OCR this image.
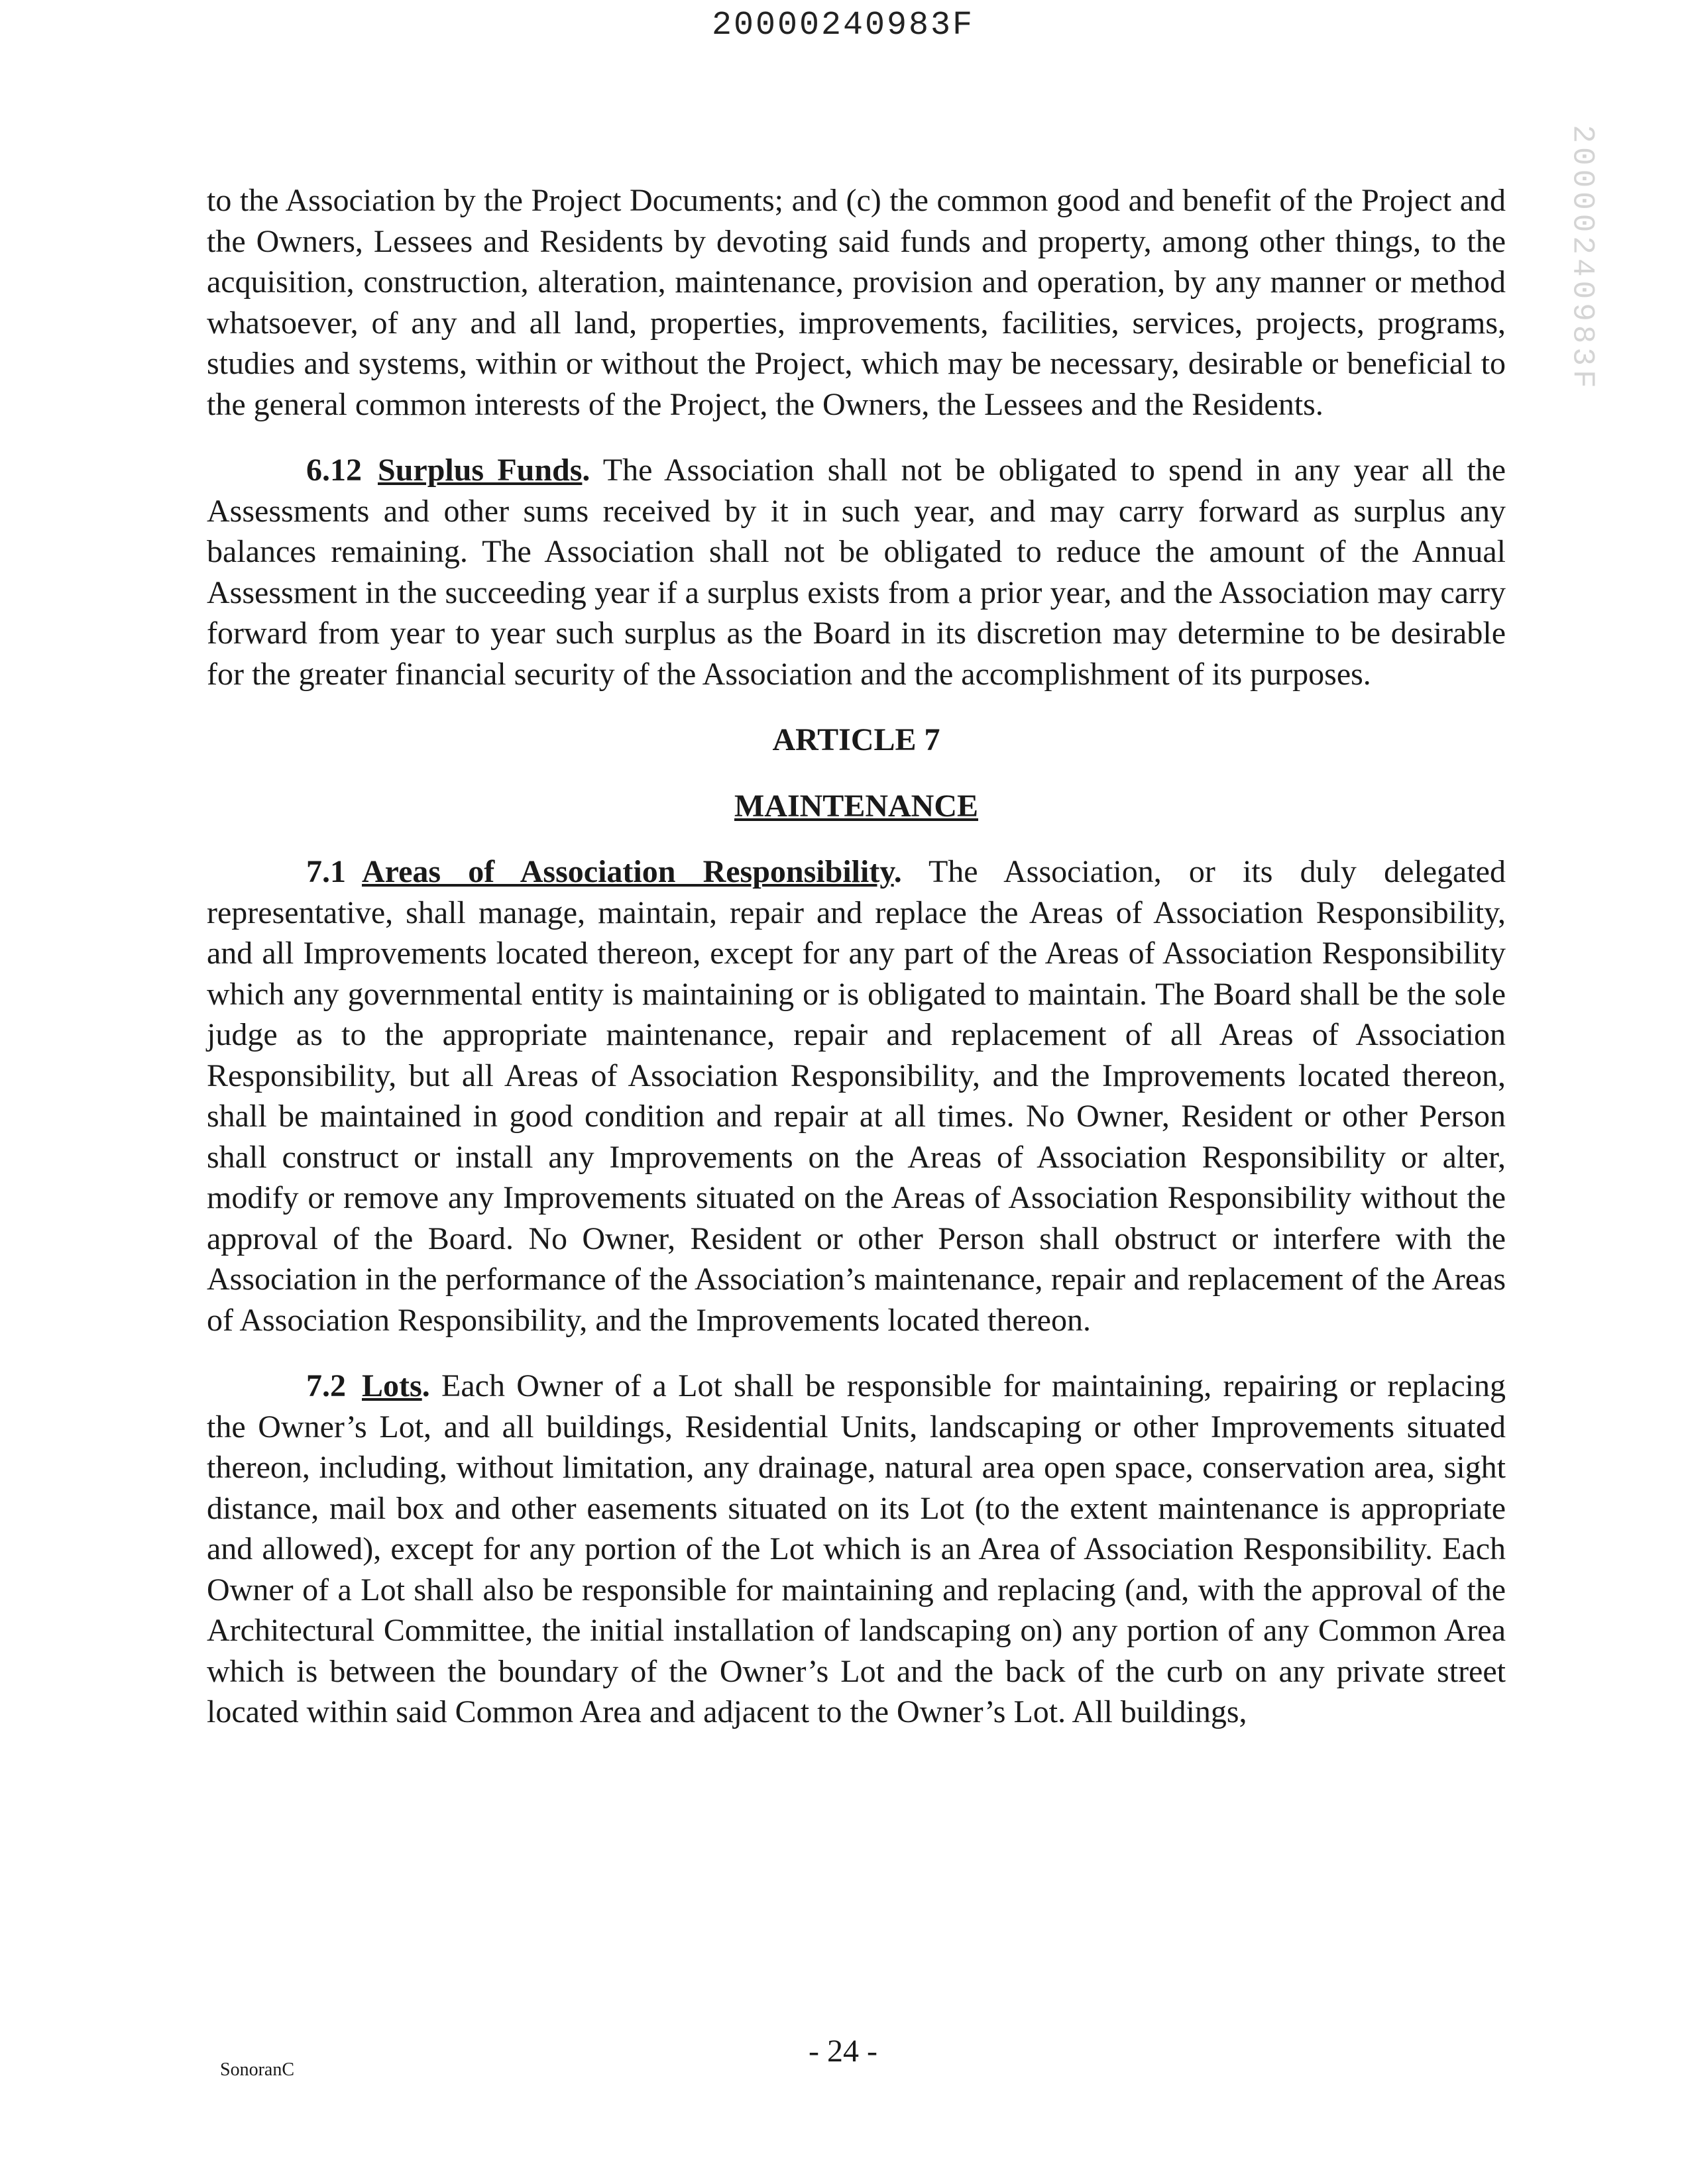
20000240983F
20000240983F

to the Association by the Project Documents; and (c) the common good and benefit of the Project and the Owners, Lessees and Residents by devoting said funds and property, among other things, to the acquisition, construction, alteration, maintenance, provision and operation, by any manner or method whatsoever, of any and all land, properties, improvements, facilities, services, projects, programs, studies and systems, within or without the Project, which may be necessary, desirable or beneficial to the general common interests of the Project, the Owners, the Lessees and the Residents.

6.12 Surplus Funds. The Association shall not be obligated to spend in any year all the Assessments and other sums received by it in such year, and may carry forward as surplus any balances remaining. The Association shall not be obligated to reduce the amount of the Annual Assessment in the succeeding year if a surplus exists from a prior year, and the Association may carry forward from year to year such surplus as the Board in its discretion may determine to be desirable for the greater financial security of the Association and the accomplishment of its purposes.

ARTICLE 7

MAINTENANCE

7.1 Areas of Association Responsibility. The Association, or its duly delegated representative, shall manage, maintain, repair and replace the Areas of Association Responsibility, and all Improvements located thereon, except for any part of the Areas of Association Responsibility which any governmental entity is maintaining or is obligated to maintain. The Board shall be the sole judge as to the appropriate maintenance, repair and replacement of all Areas of Association Responsibility, but all Areas of Association Responsibility, and the Improvements located thereon, shall be maintained in good condition and repair at all times. No Owner, Resident or other Person shall construct or install any Improvements on the Areas of Association Responsibility or alter, modify or remove any Improvements situated on the Areas of Association Responsibility without the approval of the Board. No Owner, Resident or other Person shall obstruct or interfere with the Association in the performance of the Association’s maintenance, repair and replacement of the Areas of Association Responsibility, and the Improvements located thereon.

7.2 Lots. Each Owner of a Lot shall be responsible for maintaining, repairing or replacing the Owner’s Lot, and all buildings, Residential Units, landscaping or other Improvements situated thereon, including, without limitation, any drainage, natural area open space, conservation area, sight distance, mail box and other easements situated on its Lot (to the extent maintenance is appropriate and allowed), except for any portion of the Lot which is an Area of Association Responsibility. Each Owner of a Lot shall also be responsible for maintaining and replacing (and, with the approval of the Architectural Committee, the initial installation of landscaping on) any portion of any Common Area which is between the boundary of the Owner’s Lot and the back of the curb on any private street located within said Common Area and adjacent to the Owner’s Lot. All buildings,

- 24 -
SonoranC
